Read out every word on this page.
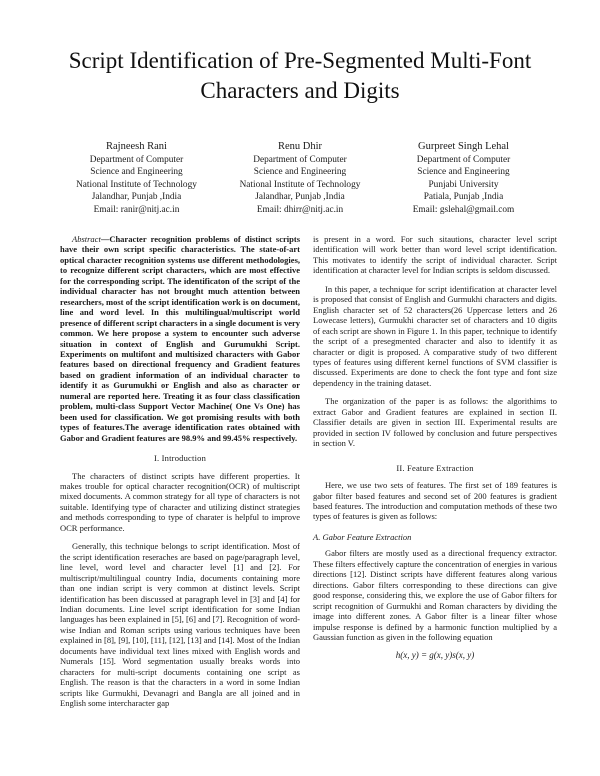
Script Identification of Pre-Segmented Multi-Font Characters and Digits
Rajneesh Rani
Department of Computer
Science and Engineering
National Institute of Technology
Jalandhar, Punjab ,India
Email: ranir@nitj.ac.in
Renu Dhir
Department of Computer
Science and Engineering
National Institute of Technology
Jalandhar, Punjab ,India
Email: dhirr@nitj.ac.in
Gurpreet Singh Lehal
Department of Computer
Science and Engineering
Punjabi University
Patiala, Punjab ,India
Email: gslehal@gmail.com

Abstract—Character recognition problems of distinct scripts have their own script specific characteristics. The state-of-art optical character recognition systems use different methodologies, to recognize different script characters, which are most effective for the corresponding script. The identificaton of the script of the individual character has not brought much attention between researchers, most of the script identification work is on document, line and word level. In this multilingual/multiscript world presence of different script characters in a single document is very common. We here propose a system to encounter such adverse situation in context of English and Gurumukhi Script. Experiments on multifont and multisized characters with Gabor features based on directional frequency and Gradient features based on gradient information of an individual character to identify it as Gurumukhi or English and also as character or numeral are reported here. Treating it as four class classification problem, multi-class Support Vector Machine( One Vs One) has been used for classification. We got promising results with both types of features.The average identification rates obtained with Gabor and Gradient features are 98.9% and 99.45% respectively.

I. Introduction

The characters of distinct scripts have different properties. It makes trouble for optical character recognition(OCR) of multiscript mixed documents. A common strategy for all type of characters is not suitable. Identifying type of character and utilizing distinct strategies and methods corresponding to type of charater is helpful to improve OCR performance.

Generally, this technique belongs to script identification. Most of the script identification reseraches are based on page/paragraph level, line level, word level and character level [1] and [2]. For multiscript/multilingual country India, documents containing more than one indian script is very common at distinct levels. Script identification has been discussed at paragraph level in [3] and [4] for Indian documents. Line level script identification for some Indian languages has been explained in [5], [6] and [7]. Recognition of word-wise Indian and Roman scripts using various techniques have been explained in [8], [9], [10], [11], [12], [13] and [14]. Most of the Indian documents have individual text lines mixed with English words and Numerals [15]. Word segmentation usually breaks words into characters for multi-script documents containing one script as English. The reason is that the characters in a word in some Indian scripts like Gurmukhi, Devanagri and Bangla are all joined and in English some intercharacter gap

is present in a word. For such sitautions, character level script identification will work better than word level script identification. This motivates to identify the script of individual character. Script identification at character level for Indian scripts is seldom discussed.

In this paper, a technique for script identification at character level is proposed that consist of English and Gurmukhi characters and digits. English character set of 52 characters(26 Uppercase letters and 26 Lowecase letters), Gurmukhi character set of characters and 10 digits of each script are shown in Figure 1. In this paper, technique to identify the script of a presegmented character and also to identify it as character or digit is proposed. A comparative study of two different types of features using different kernel functions of SVM classifier is discussed. Experiments are done to check the font type and font size dependency in the training dataset.

The organization of the paper is as follows: the algorithims to extract Gabor and Gradient features are explained in section II. Classifier details are given in section III. Experimental results are provided in section IV followed by conclusion and future perspectives in section V.

II. Feature Extraction

Here, we use two sets of features. The first set of 189 features is gabor filter based features and second set of 200 features is gradient based features. The introduction and computation methods of these two types of features is given as follows:

A. Gabor Feature Extraction

Gabor filters are mostly used as a directional frequency extractor. These filters effectively capture the concentration of energies in various directions [12]. Distinct scripts have different features along various directions. Gabor filters corresponding to these directions can give good response, considering this, we explore the use of Gabor filters for script recognition of Gurmukhi and Roman characters by dividing the image into different zones. A Gabor filter is a linear filter whose impulse response is defined by a harmonic function multiplied by a Gaussian function as given in the following equation

h(x, y) = g(x, y)s(x, y)
